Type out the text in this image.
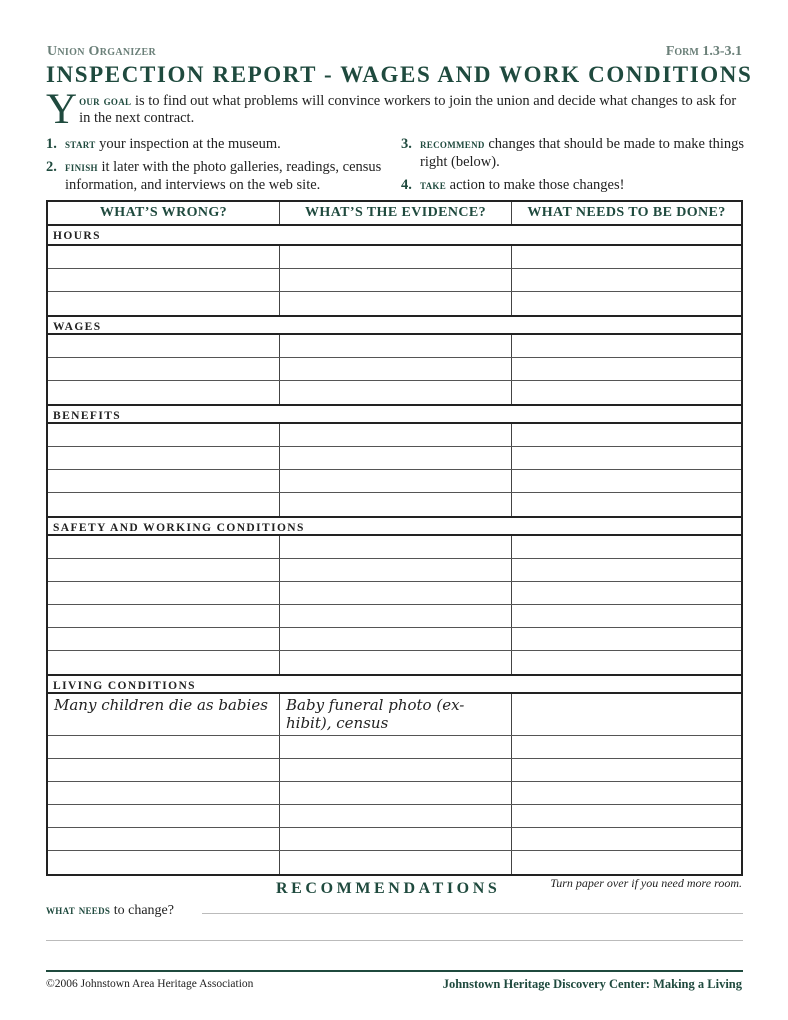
Union Organizer	Form 1.3-3.1
INSPECTION REPORT - WAGES AND WORK CONDITIONS
Your goal is to find out what problems will convince workers to join the union and decide what changes to ask for in the next contract.
1. start your inspection at the museum.
2. finish it later with the photo galleries, readings, census information, and interviews on the web site.
3. recommend changes that should be made to make things right (below).
4. take action to make those changes!
WHAT’S WRONG?	WHAT’S THE EVIDENCE?	WHAT NEEDS TO BE DONE?
HOURS
WAGES
BENEFITS
SAFETY AND WORKING CONDITIONS
LIVING CONDITIONS
Many children die as babies	Baby funeral photo (ex-hibit), census
RECOMMENDATIONS	Turn paper over if you need more room.
what needs to change?
©2006 Johnstown Area Heritage Association	Johnstown Heritage Discovery Center: Making a Living
